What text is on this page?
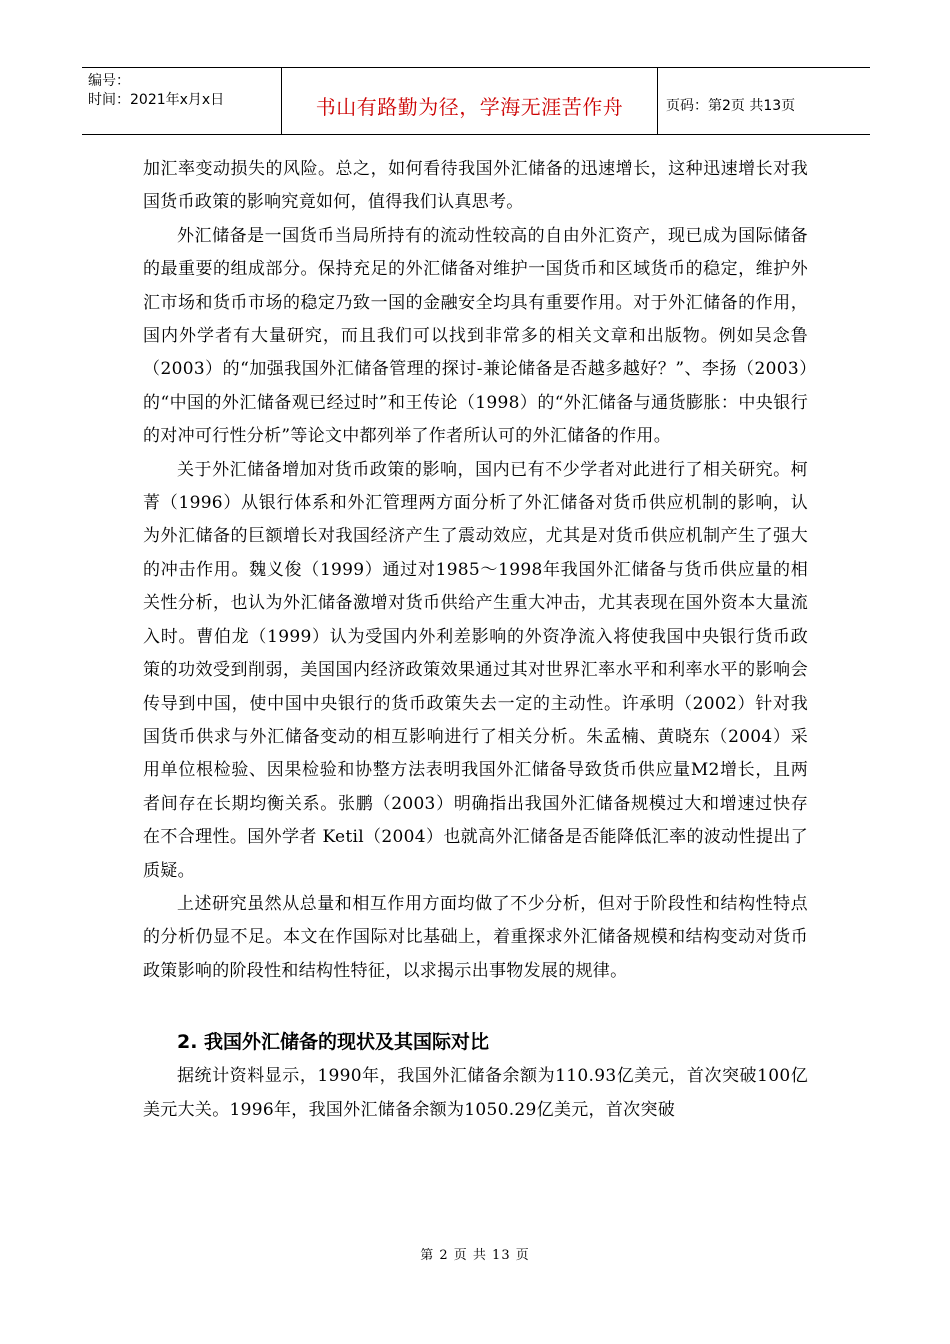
编号：
时间：2021年x月x日	书山有路勤为径，学海无涯苦作舟	页码：第2页 共13页

加汇率变动损失的风险。总之，如何看待我国外汇储备的迅速增长，这种迅速增长对我国货币政策的影响究竟如何，值得我们认真思考。

外汇储备是一国货币当局所持有的流动性较高的自由外汇资产，现已成为国际储备的最重要的组成部分。保持充足的外汇储备对维护一国货币和区域货币的稳定，维护外汇市场和货币市场的稳定乃致一国的金融安全均具有重要作用。对于外汇储备的作用，国内外学者有大量研究，而且我们可以找到非常多的相关文章和出版物。例如吴念鲁（2003）的“加强我国外汇储备管理的探讨-兼论储备是否越多越好？”、李扬（2003）的“中国的外汇储备观已经过时”和王传论（1998）的“外汇储备与通货膨胀：中央银行的对冲可行性分析”等论文中都列举了作者所认可的外汇储备的作用。

关于外汇储备增加对货币政策的影响，国内已有不少学者对此进行了相关研究。柯菁（1996）从银行体系和外汇管理两方面分析了外汇储备对货币供应机制的影响，认为外汇储备的巨额增长对我国经济产生了震动效应，尤其是对货币供应机制产生了强大的冲击作用。魏义俊（1999）通过对1985～1998年我国外汇储备与货币供应量的相关性分析，也认为外汇储备激增对货币供给产生重大冲击，尤其表现在国外资本大量流入时。曹伯龙（1999）认为受国内外利差影响的外资净流入将使我国中央银行货币政策的功效受到削弱，美国国内经济政策效果通过其对世界汇率水平和利率水平的影响会传导到中国，使中国中央银行的货币政策失去一定的主动性。许承明（2002）针对我国货币供求与外汇储备变动的相互影响进行了相关分析。朱孟楠、黄晓东（2004）采用单位根检验、因果检验和协整方法表明我国外汇储备导致货币供应量M2增长，且两者间存在长期均衡关系。张鹏（2003）明确指出我国外汇储备规模过大和增速过快存在不合理性。国外学者 Ketil（2004）也就高外汇储备是否能降低汇率的波动性提出了质疑。

上述研究虽然从总量和相互作用方面均做了不少分析，但对于阶段性和结构性特点的分析仍显不足。本文在作国际对比基础上，着重探求外汇储备规模和结构变动对货币政策影响的阶段性和结构性特征，以求揭示出事物发展的规律。

2. 我国外汇储备的现状及其国际对比

据统计资料显示，1990年，我国外汇储备余额为110.93亿美元，首次突破100亿美元大关。1996年，我国外汇储备余额为1050.29亿美元，首次突破

第 2 页 共 13 页
